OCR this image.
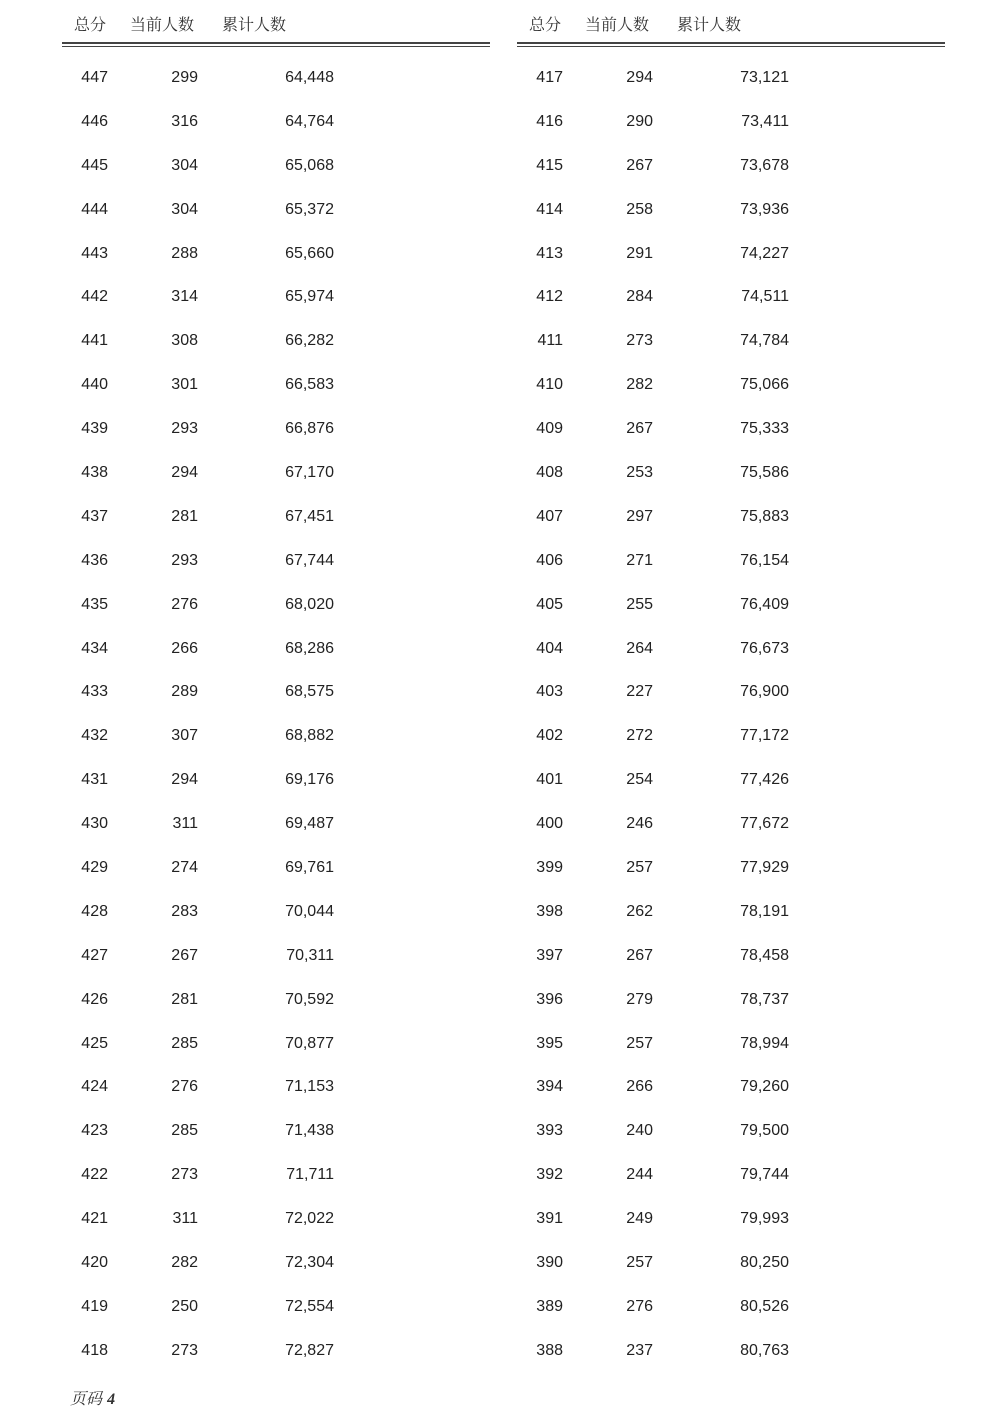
总分 当前人数 累计人数
447	299	64,448
446	316	64,764
445	304	65,068
444	304	65,372
443	288	65,660
442	314	65,974
441	308	66,282
440	301	66,583
439	293	66,876
438	294	67,170
437	281	67,451
436	293	67,744
435	276	68,020
434	266	68,286
433	289	68,575
432	307	68,882
431	294	69,176
430	311	69,487
429	274	69,761
428	283	70,044
427	267	70,311
426	281	70,592
425	285	70,877
424	276	71,153
423	285	71,438
422	273	71,711
421	311	72,022
420	282	72,304
419	250	72,554
418	273	72,827
总分 当前人数 累计人数
417	294	73,121
416	290	73,411
415	267	73,678
414	258	73,936
413	291	74,227
412	284	74,511
411	273	74,784
410	282	75,066
409	267	75,333
408	253	75,586
407	297	75,883
406	271	76,154
405	255	76,409
404	264	76,673
403	227	76,900
402	272	77,172
401	254	77,426
400	246	77,672
399	257	77,929
398	262	78,191
397	267	78,458
396	279	78,737
395	257	78,994
394	266	79,260
393	240	79,500
392	244	79,744
391	249	79,993
390	257	80,250
389	276	80,526
388	237	80,763
页码 4
